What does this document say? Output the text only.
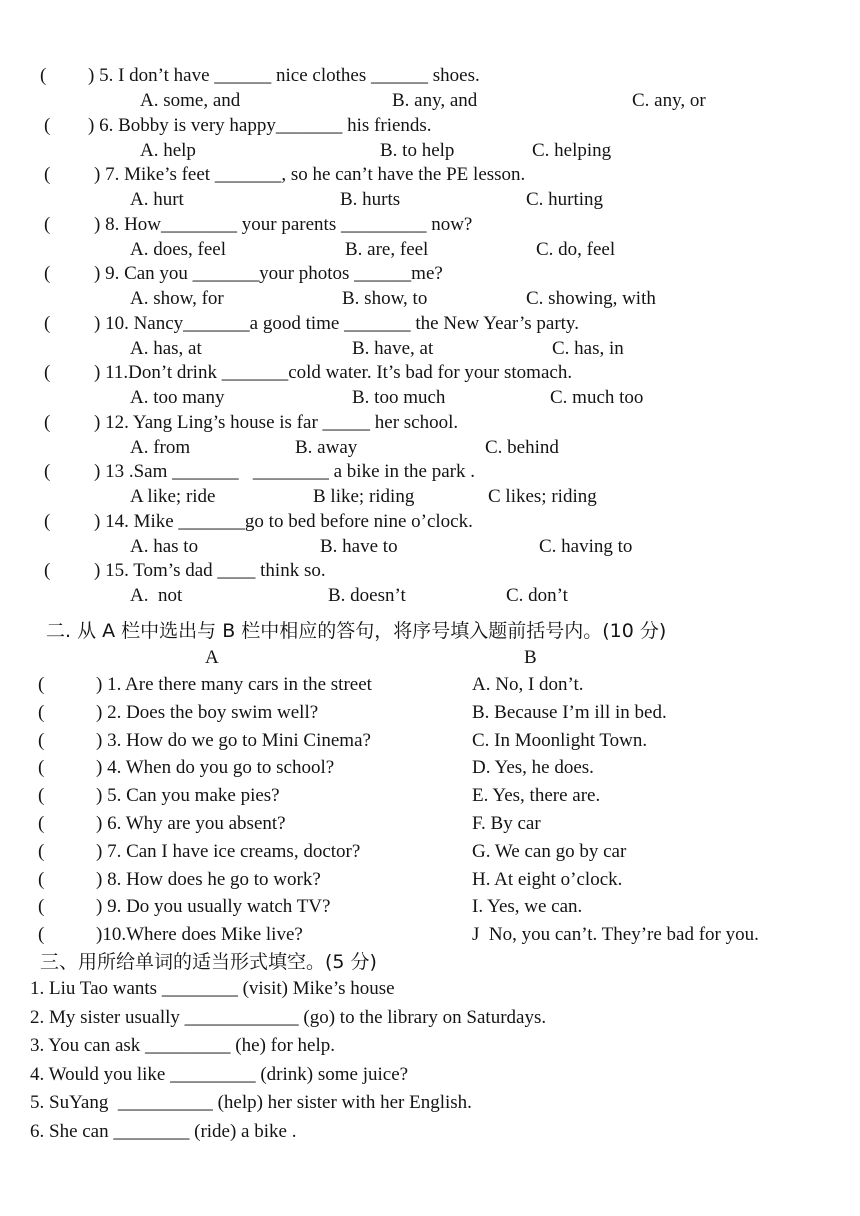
( ) 5. I don’t have ______ nice clothes ______ shoes.
A. some, and	B. any, and	C. any, or
( ) 6. Bobby is very happy_______ his friends.
A. help	B. to help	C. helping
( ) 7. Mike’s feet _______, so he can’t have the PE lesson.
A. hurt	B. hurts	C. hurting
( ) 8. How________ your parents _________ now?
A. does, feel	B. are, feel	C. do, feel
( ) 9. Can you _______your photos ______me?
A. show, for	B. show, to	C. showing, with
( ) 10. Nancy_______a good time _______ the New Year’s party.
A. has, at	B. have, at	C. has, in
( ) 11.Don’t drink _______cold water. It’s bad for your stomach.
A. too many	B. too much	C. much too
( ) 12. Yang Ling’s house is far _____ her school.
A. from	B. away	C. behind
( ) 13 .Sam _______   ________ a bike in the park .
A like; ride	B like; riding	C likes; riding
( ) 14. Mike _______go to bed before nine o’clock.
A. has to	B. have to	C. having to
( ) 15. Tom’s dad ____ think so.
A.  not	B. doesn’t	C. don’t
二. 从 A 栏中选出与 B 栏中相应的答句，将序号填入题前括号内。(10 分)
A	B
(	) 1. Are there many cars in the street	A. No, I don’t.
(	) 2. Does the boy swim well?	B. Because I’m ill in bed.
(	) 3. How do we go to Mini Cinema?	C. In Moonlight Town.
(	) 4. When do you go to school?	D. Yes, he does.
(	) 5. Can you make pies?	E. Yes, there are.
(	) 6. Why are you absent?	F. By car
(	) 7. Can I have ice creams, doctor?	G. We can go by car
(	) 8. How does he go to work?	H. At eight o’clock.
(	) 9. Do you usually watch TV?	I. Yes, we can.
(	)10.Where does Mike live?	J  No, you can’t. They’re bad for you.
三、用所给单词的适当形式填空。(5 分)
1. Liu Tao wants ________ (visit) Mike’s house
2. My sister usually ____________ (go) to the library on Saturdays.
3. You can ask _________ (he) for help.
4. Would you like _________ (drink) some juice?
5. SuYang  __________ (help) her sister with her English.
6. She can ________ (ride) a bike .
